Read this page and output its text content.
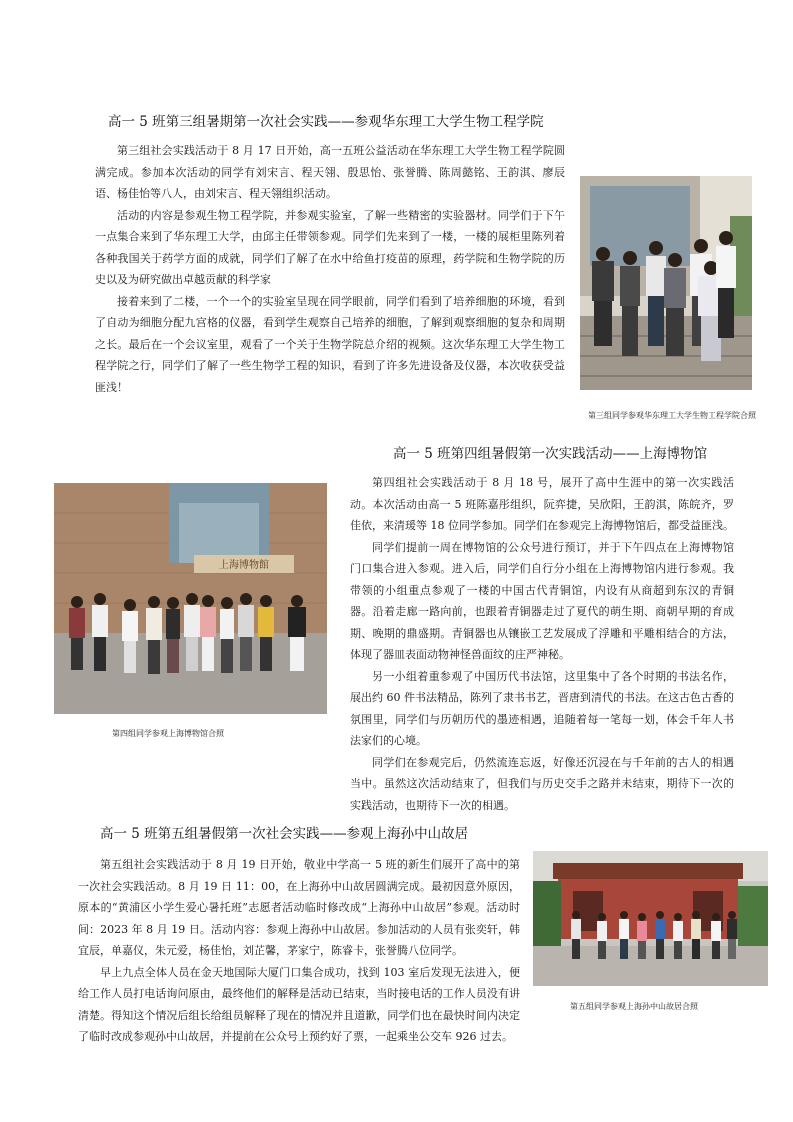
高一 5 班第三组暑期第一次社会实践——参观华东理工大学生物工程学院

第三组社会实践活动于 8 月 17 日开始，高一五班公益活动在华东理工大学生物工程学院圆满完成。参加本次活动的同学有刘宋言、程天翎、殷思怡、张誉腾、陈周懿铭、王韵淇、廖辰语、杨佳怡等八人，由刘宋言、程天翎组织活动。

活动的内容是参观生物工程学院，并参观实验室，了解一些精密的实验器材。同学们于下午一点集合来到了华东理工大学，由邱主任带领参观。同学们先来到了一楼，一楼的展柜里陈列着各种我国关于药学方面的成就，同学们了解了在水中给鱼打疫苗的原理，药学院和生物学院的历史以及为研究做出卓越贡献的科学家

接着来到了二楼，一个一个的实验室呈现在同学眼前，同学们看到了培养细胞的环境，看到了自动为细胞分配九宫格的仪器，看到学生观察自己培养的细胞，了解到观察细胞的复杂和周期之长。最后在一个会议室里，观看了一个关于生物学院总介绍的视频。这次华东理工大学生物工程学院之行，同学们了解了一些生物学工程的知识，看到了许多先进设备及仪器，本次收获受益匪浅！

第三组同学参观华东理工大学生物工程学院合照
高一 5 班第四组暑假第一次实践活动——上海博物馆

第四组社会实践活动于 8 月 18 号，展开了高中生涯中的第一次实践活动。本次活动由高一 5 班陈嘉彤组织，阮弈捷，吴欣阳，王韵淇，陈皖齐，罗佳依，来清瑗等 18 位同学参加。同学们在参观完上海博物馆后，都受益匪浅。

同学们提前一周在博物馆的公众号进行预订，并于下午四点在上海博物馆门口集合进入参观。进入后，同学们自行分小组在上海博物馆内进行参观。我带领的小组重点参观了一楼的中国古代青铜馆，内设有从商超到东汉的青铜器。沿着走廊一路向前，也跟着青铜器走过了夏代的萌生期、商朝早期的育成期、晚期的鼎盛期。青铜器也从镶嵌工艺发展成了浮雕和平雕相结合的方法，体现了器皿表面动物神怪兽面纹的庄严神秘。

另一小组着重参观了中国历代书法馆，这里集中了各个时期的书法名作，展出约 60 件书法精品，陈列了隶书书艺，晋唐到清代的书法。在这古色古香的氛围里，同学们与历朝历代的墨迹相遇，追随着每一笔每一划，体会千年人书法家们的心境。

同学们在参观完后，仍然流连忘返，好像还沉浸在与千年前的古人的相遇当中。虽然这次活动结束了，但我们与历史交手之路并未结束，期待下一次的实践活动，也期待下一次的相遇。

上海博物館
第四组同学参观上海博物馆合照
高一 5 班第五组暑假第一次社会实践——参观上海孙中山故居

第五组社会实践活动于 8 月 19 日开始，敬业中学高一 5 班的新生们展开了高中的第一次社会实践活动。8 月 19 日 11：00，在上海孙中山故居圆满完成。最初因意外原因，原本的“黄浦区小学生爱心暑托班”志愿者活动临时修改成“上海孙中山故居”参观。活动时间：2023 年 8 月 19 日。活动内容：参观上海孙中山故居。参加活动的人员有张奕轩，韩宜辰，单嘉仪，朱元爱，杨佳怡，刘芷馨，茅家宁，陈睿卡，张誉腾八位同学。

早上九点全体人员在金天地国际大厦门口集合成功，找到 103 室后发现无法进入，便给工作人员打电话询问原由，最终他们的解释是活动已结束，当时接电话的工作人员没有讲清楚。得知这个情况后组长给组员解释了现在的情况并且道歉，同学们也在最快时间内决定了临时改成参观孙中山故居，并提前在公众号上预约好了票，一起乘坐公交车 926 过去。

第五组同学参观上海孙中山故居合照
